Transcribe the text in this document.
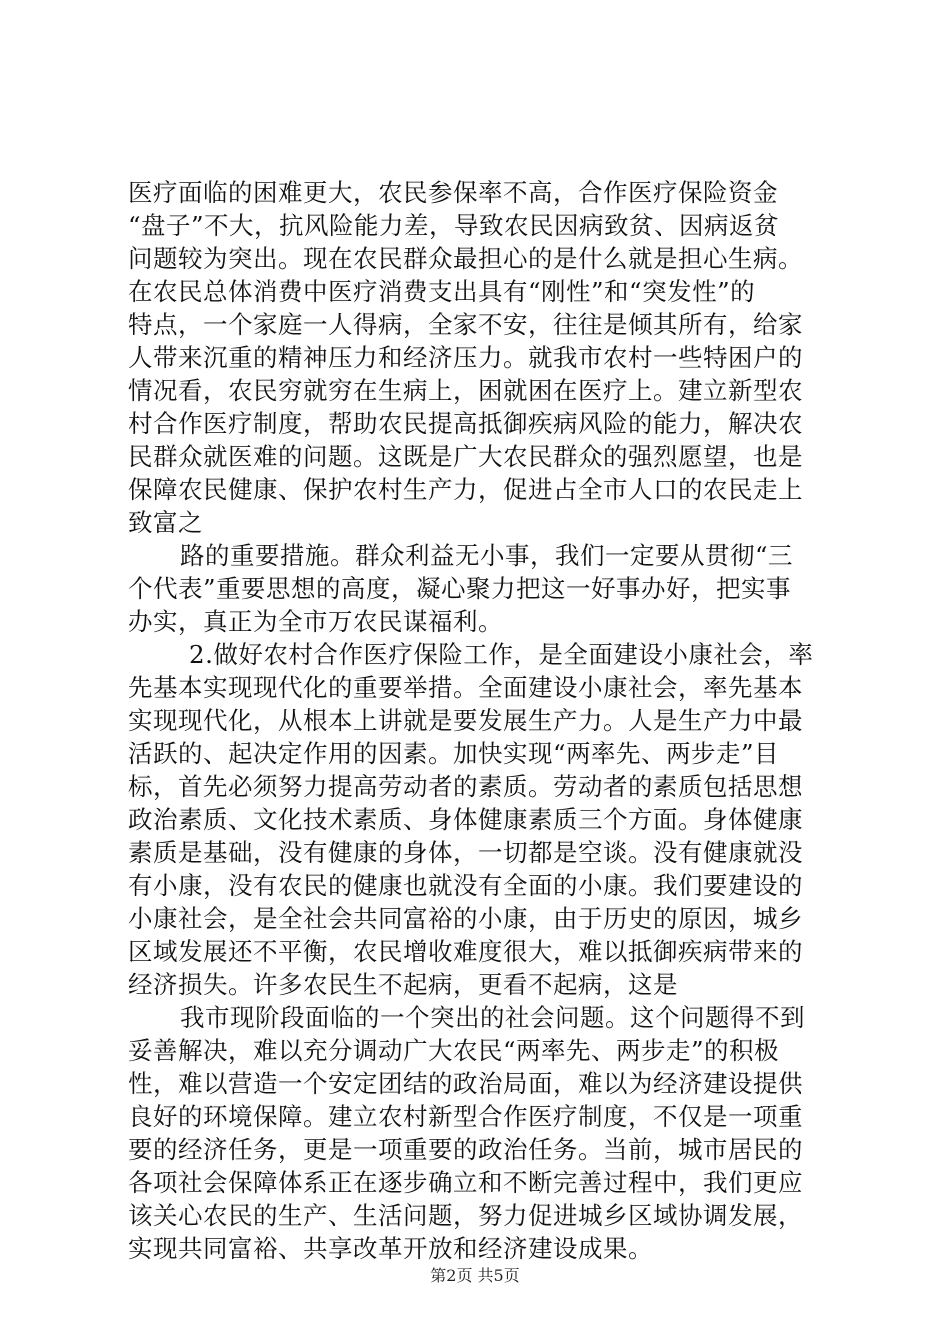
医疗面临的困难更大，农民参保率不高，合作医疗保险资金
“盘子”不大，抗风险能力差，导致农民因病致贫、因病返贫
问题较为突出。现在农民群众最担心的是什么就是担心生病。
在农民总体消费中医疗消费支出具有“刚性”和“突发性”的
特点，一个家庭一人得病，全家不安，往往是倾其所有，给家
人带来沉重的精神压力和经济压力。就我市农村一些特困户的
情况看，农民穷就穷在生病上，困就困在医疗上。建立新型农
村合作医疗制度，帮助农民提高抵御疾病风险的能力，解决农
民群众就医难的问题。这既是广大农民群众的强烈愿望，也是
保障农民健康、保护农村生产力，促进占全市人口的农民走上
致富之
路的重要措施。群众利益无小事，我们一定要从贯彻“三
个代表”重要思想的高度，凝心聚力把这一好事办好，把实事
办实，真正为全市万农民谋福利。
2.做好农村合作医疗保险工作，是全面建设小康社会，率
先基本实现现代化的重要举措。全面建设小康社会，率先基本
实现现代化，从根本上讲就是要发展生产力。人是生产力中最
活跃的、起决定作用的因素。加快实现“两率先、两步走”目
标，首先必须努力提高劳动者的素质。劳动者的素质包括思想
政治素质、文化技术素质、身体健康素质三个方面。身体健康
素质是基础，没有健康的身体，一切都是空谈。没有健康就没
有小康，没有农民的健康也就没有全面的小康。我们要建设的
小康社会，是全社会共同富裕的小康，由于历史的原因，城乡
区域发展还不平衡，农民增收难度很大，难以抵御疾病带来的
经济损失。许多农民生不起病，更看不起病，这是
我市现阶段面临的一个突出的社会问题。这个问题得不到
妥善解决，难以充分调动广大农民“两率先、两步走”的积极
性，难以营造一个安定团结的政治局面，难以为经济建设提供
良好的环境保障。建立农村新型合作医疗制度，不仅是一项重
要的经济任务，更是一项重要的政治任务。当前，城市居民的
各项社会保障体系正在逐步确立和不断完善过程中，我们更应
该关心农民的生产、生活问题，努力促进城乡区域协调发展，
实现共同富裕、共享改革开放和经济建设成果。
第2页 共5页
